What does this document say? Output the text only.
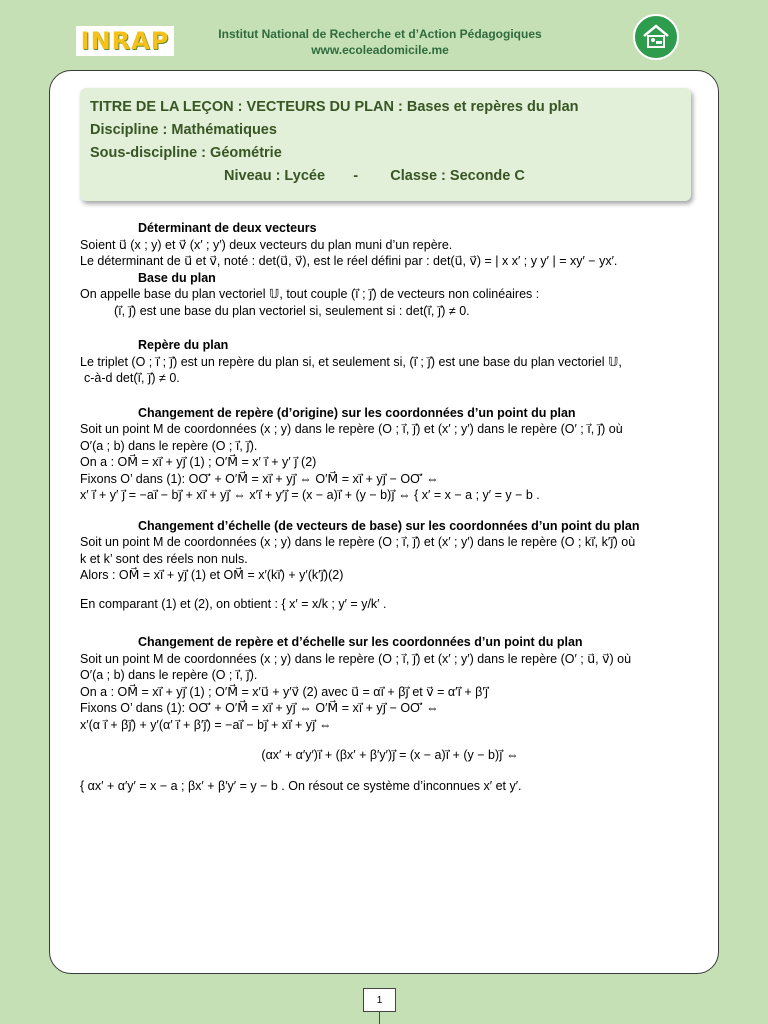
INRAP	Institut National de Recherche et d’Action Pédagogiques
www.ecoleadomicile.me
TITRE DE LA LEÇON : VECTEURS DU PLAN : Bases et repères du plan
Discipline : Mathématiques
Sous-discipline : Géométrie
Niveau : Lycée       -        Classe : Seconde C

Déterminant de deux vecteurs

Soient u⃗ (x ; y) et v⃗ (x′ ; y′) deux vecteurs du plan muni d’un repère.

Le déterminant de u⃗ et v⃗, noté : det(u⃗, v⃗), est le réel défini par : det(u⃗, v⃗) = | x x′ ; y y′ | = xy′ − yx′.

Base du plan

On appelle base du plan vectoriel 𝕌, tout couple (i⃗ ; j⃗) de vecteurs non colinéaires :

(i⃗, j⃗) est une base du plan vectoriel si, seulement si : det(i⃗, j⃗) ≠ 0.

Repère du plan

Le triplet (O ; i⃗ ; j⃗) est un repère du plan si, et seulement si, (i⃗ ; j⃗) est une base du plan vectoriel 𝕌,

c-à-d det(i⃗, j⃗) ≠ 0.

Changement de repère (d’origine) sur les coordonnées d’un point du plan

Soit un point M de coordonnées (x ; y) dans le repère (O ; i⃗, j⃗) et (x′ ; y′) dans le repère (O′ ; i⃗, j⃗) où

O′(a ; b) dans le repère (O ; i⃗, j⃗).

On a : OM⃗ = xi⃗ + yj⃗ (1) ; O′M⃗ = x′ i⃗ + y′ j⃗ (2)

Fixons O’ dans (1): OO′⃗ + O′M⃗ = xi⃗ + yj⃗ ⇔ O′M⃗ = xi⃗ + yj⃗ − OO′⃗ ⇔

x′ i⃗ + y′ j⃗ = −ai⃗ − bj⃗ + xi⃗ + yj⃗ ⇔ x′i⃗ + y′j⃗ = (x − a)i⃗ + (y − b)j⃗ ⇔ { x′ = x − a ; y′ = y − b .

Changement d’échelle (de vecteurs de base) sur les coordonnées d’un point du plan

Soit un point M de coordonnées (x ; y) dans le repère (O ; i⃗, j⃗) et (x′ ; y′) dans le repère (O ; ki⃗, k′j⃗) où

k et k’ sont des réels non nuls.

Alors : OM⃗ = xi⃗ + yj⃗ (1) et OM⃗ = x′(ki⃗) + y′(k′j⃗)(2)

En comparant (1) et (2), on obtient : { x′ = x/k ; y′ = y/k′ .

Changement de repère et d’échelle sur les coordonnées d’un point du plan

Soit un point M de coordonnées (x ; y) dans le repère (O ; i⃗, j⃗) et (x′ ; y′) dans le repère (O′ ; u⃗, v⃗) où

O′(a ; b) dans le repère (O ; i⃗, j⃗).

On a : OM⃗ = xi⃗ + yj⃗ (1) ; O′M⃗ = x′u⃗ + y′v⃗ (2) avec u⃗ = αi⃗ + βj⃗ et v⃗ = α′i⃗ + β′j⃗

Fixons O’ dans (1): OO′⃗ + O′M⃗ = xi⃗ + yj⃗ ⇔ O′M⃗ = xi⃗ + yj⃗ − OO′⃗ ⇔

x′(α i⃗ + βj⃗) + y′(α′ i⃗ + β′j⃗) = −ai⃗ − bj⃗ + xi⃗ + yj⃗ ⇔

(αx′ + α′y′)i⃗ + (βx′ + β′y′)j⃗ = (x − a)i⃗ + (y − b)j⃗ ⇔

{ αx′ + α′y′ = x − a ; βx′ + β′y′ = y − b . On résout ce système d’inconnues x′ et y′.

1
